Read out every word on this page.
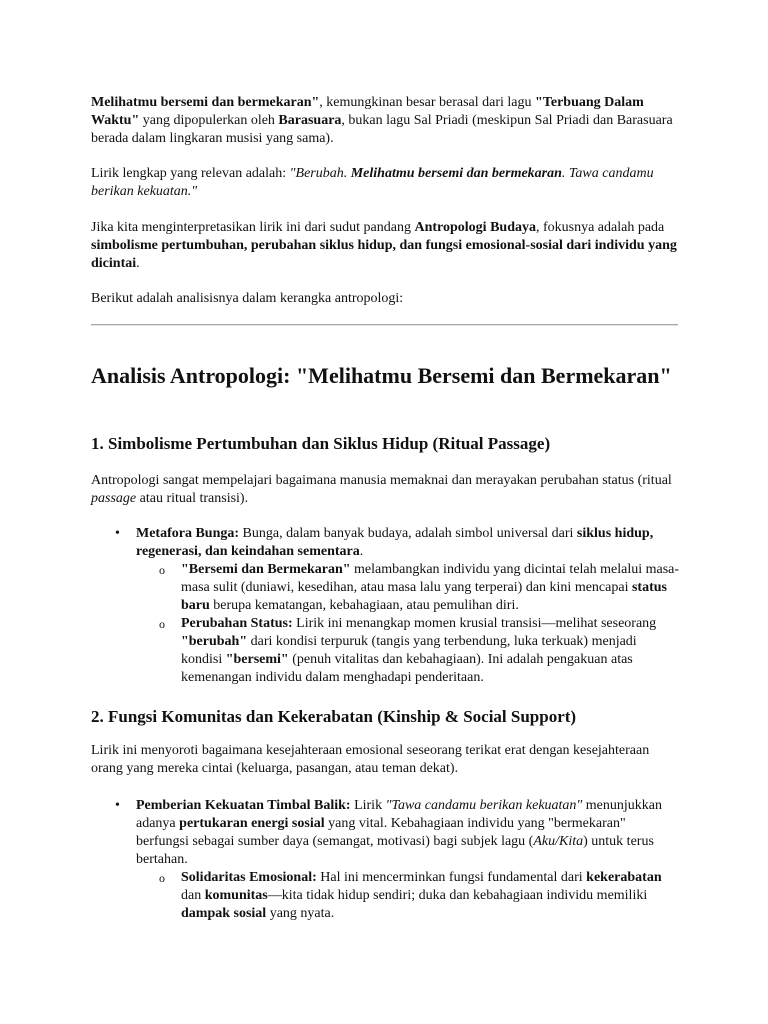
Melihatmu bersemi dan bermekaran", kemungkinan besar berasal dari lagu "Terbuang Dalam Waktu" yang dipopulerkan oleh Barasuara, bukan lagu Sal Priadi (meskipun Sal Priadi dan Barasuara berada dalam lingkaran musisi yang sama).

Lirik lengkap yang relevan adalah: "Berubah. Melihatmu bersemi dan bermekaran. Tawa candamu berikan kekuatan."

Jika kita menginterpretasikan lirik ini dari sudut pandang Antropologi Budaya, fokusnya adalah pada simbolisme pertumbuhan, perubahan siklus hidup, dan fungsi emosional-sosial dari individu yang dicintai.

Berikut adalah analisisnya dalam kerangka antropologi:

Analisis Antropologi: "Melihatmu Bersemi dan Bermekaran"
1. Simbolisme Pertumbuhan dan Siklus Hidup (Ritual Passage)

Antropologi sangat mempelajari bagaimana manusia memaknai dan merayakan perubahan status (ritual passage atau ritual transisi).

• Metafora Bunga: Bunga, dalam banyak budaya, adalah simbol universal dari siklus hidup, regenerasi, dan keindahan sementara.

o "Bersemi dan Bermekaran" melambangkan individu yang dicintai telah melalui masa-masa sulit (duniawi, kesedihan, atau masa lalu yang terperai) dan kini mencapai status baru berupa kematangan, kebahagiaan, atau pemulihan diri.

o Perubahan Status: Lirik ini menangkap momen krusial transisi—melihat seseorang "berubah" dari kondisi terpuruk (tangis yang terbendung, luka terkuak) menjadi kondisi "bersemi" (penuh vitalitas dan kebahagiaan). Ini adalah pengakuan atas kemenangan individu dalam menghadapi penderitaan.

2. Fungsi Komunitas dan Kekerabatan (Kinship & Social Support)

Lirik ini menyoroti bagaimana kesejahteraan emosional seseorang terikat erat dengan kesejahteraan orang yang mereka cintai (keluarga, pasangan, atau teman dekat).

• Pemberian Kekuatan Timbal Balik: Lirik "Tawa candamu berikan kekuatan" menunjukkan adanya pertukaran energi sosial yang vital. Kebahagiaan individu yang "bermekaran" berfungsi sebagai sumber daya (semangat, motivasi) bagi subjek lagu (Aku/Kita) untuk terus bertahan.

o Solidaritas Emosional: Hal ini mencerminkan fungsi fundamental dari kekerabatan dan komunitas—kita tidak hidup sendiri; duka dan kebahagiaan individu memiliki dampak sosial yang nyata.
